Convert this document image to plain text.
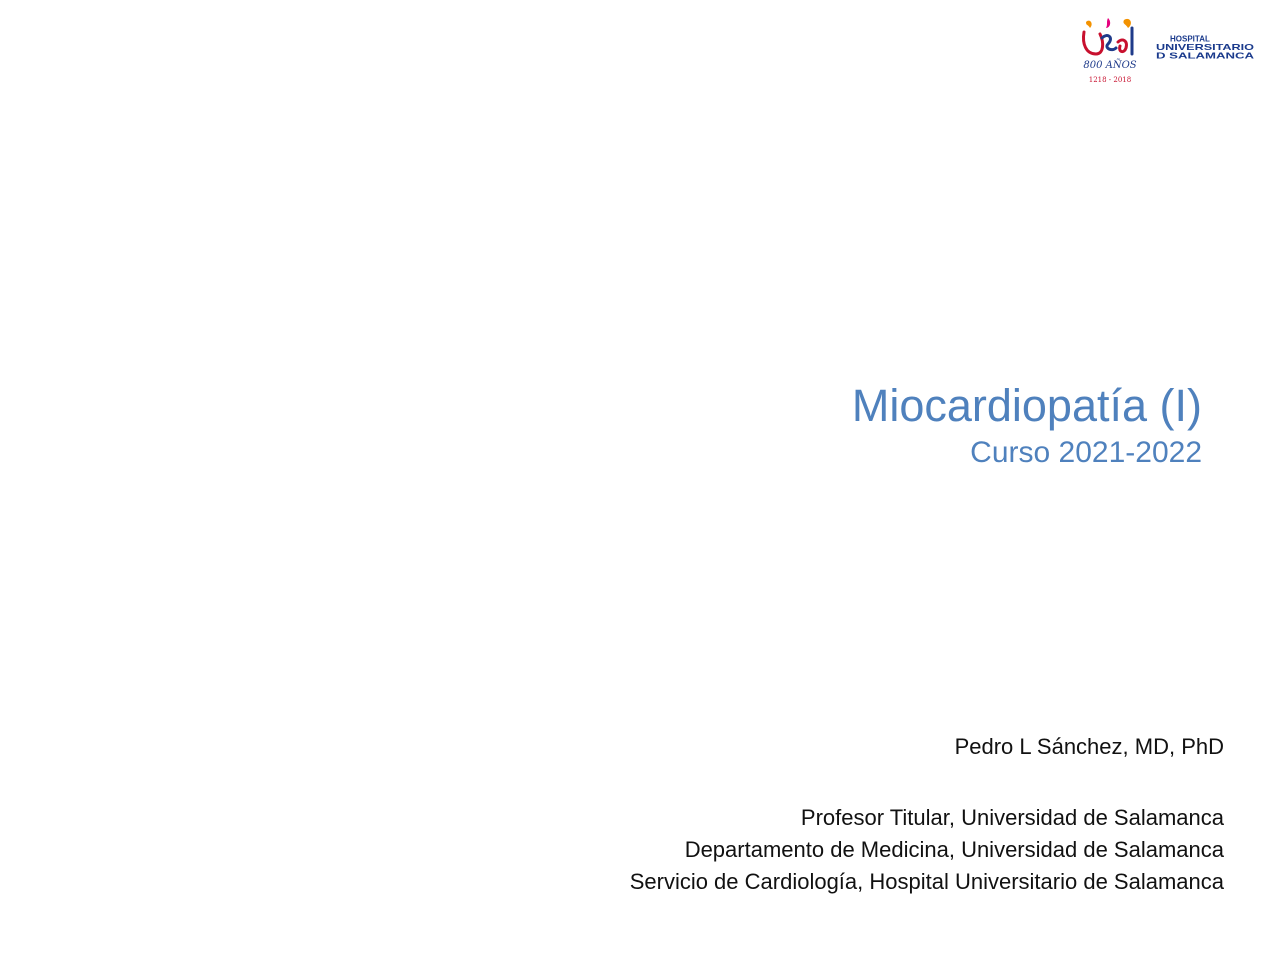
800 AÑOS
1218 - 2018
HOSPITAL
UNIVERSITARIO
D SALAMANCA
Miocardiopatía (I)
Curso 2021-2022
Pedro L Sánchez, MD, PhD
Profesor Titular, Universidad de Salamanca
Departamento de Medicina, Universidad de Salamanca
Servicio de Cardiología, Hospital Universitario de Salamanca
